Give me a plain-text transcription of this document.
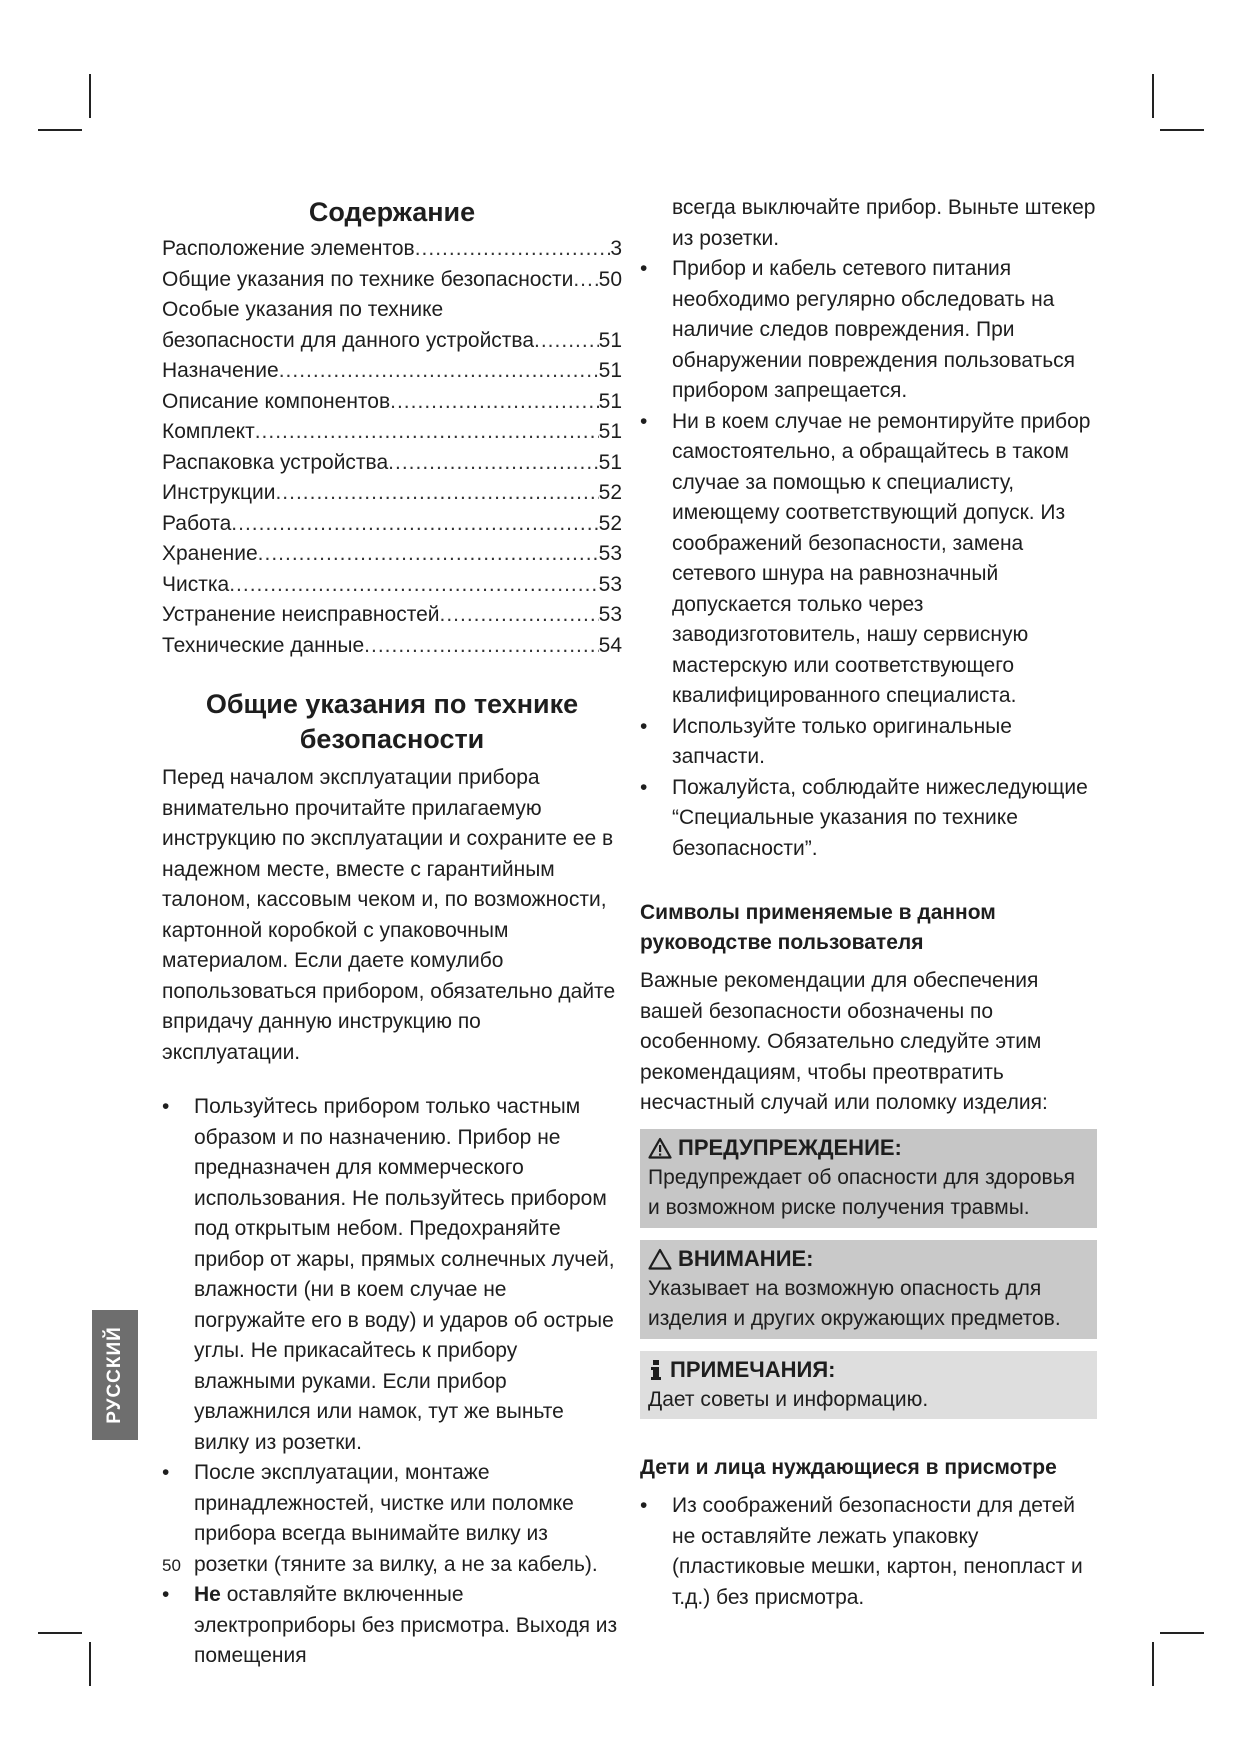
Содержание
Расположение элементов .....	3
Общие указания по технике безопасности ..... 50
Особые указания по технике
безопасности для данного устройства .....	51
Назначение .....	51
Описание компонентов .....	51
Комплект .....	51
Распаковка устройства .....	51
Инструкции .....	52
Работа .....	52
Хранение .....	53
Чистка .....	53
Устранение неисправностей .....	53
Технические данные .....	54
Общие указания по технике
безопасности

Перед началом эксплуатации прибора внимательно прочитайте прилагаемую инструкцию по эксплуатации и сохраните ее в надежном месте, вместе с гарантийным талоном, кассовым чеком и, по возможности, картонной коробкой с упаковочным материалом. Если даете комулибо попользоваться прибором, обязательно дайте впридачу данную инструкцию по эксплуатации.

• Пользуйтесь прибором только частным образом и по назначению. Прибор не предназначен для коммерческого использования. Не пользуйтесь прибором под открытым небом. Предохраняйте прибор от жары, прямых солнечных лучей, влажности (ни в коем случае не погружайте его в воду) и ударов об острые углы. Не прикасайтесь к прибору влажными руками. Если прибор увлажнился или намок, тут же выньте вилку из розетки.
• После эксплуатации, монтаже принадлежностей, чистке или поломке прибора всегда вынимайте вилку из розетки (тяните за вилку, а не за кабель).
• Не оставляйте включенные электроприборы без присмотра. Выходя из помещения

всегда выключайте прибор. Выньте штекер из розетки.

• Прибор и кабель сетевого питания необходимо регулярно обследовать на наличие следов повреждения. При обнаружении повреждения пользоваться прибором запрещается.
• Ни в коем случае не ремонтируйте прибор самостоятельно, а обращайтесь в таком случае за помощью к специалисту, имеющему соответствующий допуск. Из соображений безопасности, замена сетевого шнура на равнозначный допускается только через заводизготовитель, нашу сервисную мастерскую или соответствующего квалифицированного специалиста.
• Используйте только оригинальные запчасти.
• Пожалуйста, соблюдайте нижеследующие “Специальные указания по технике безопасности”.
Символы применяемые в данном
руководстве пользователя

Важные рекомендации для обеспечения вашей безопасности обозначены по особенному. Обязательно следуйте этим рекомендациям, чтобы преотвратить несчастный случай или поломку изделия:

ПРЕДУПРЕЖДЕНИЕ:
Предупреждает об опасности для здоровья и возможном риске получения травмы.
ВНИМАНИЕ:
Указывает на возможную опасность для изделия и других окружающих предметов.
ПРИМЕЧАНИЯ:
Дает советы и информацию.
Дети и лица нуждающиеся в присмотре
• Из соображений безопасности для детей не оставляйте лежать упаковку (пластиковые мешки, картон, пенопласт и т.д.) без присмотра.
РУССКИЙ
50
